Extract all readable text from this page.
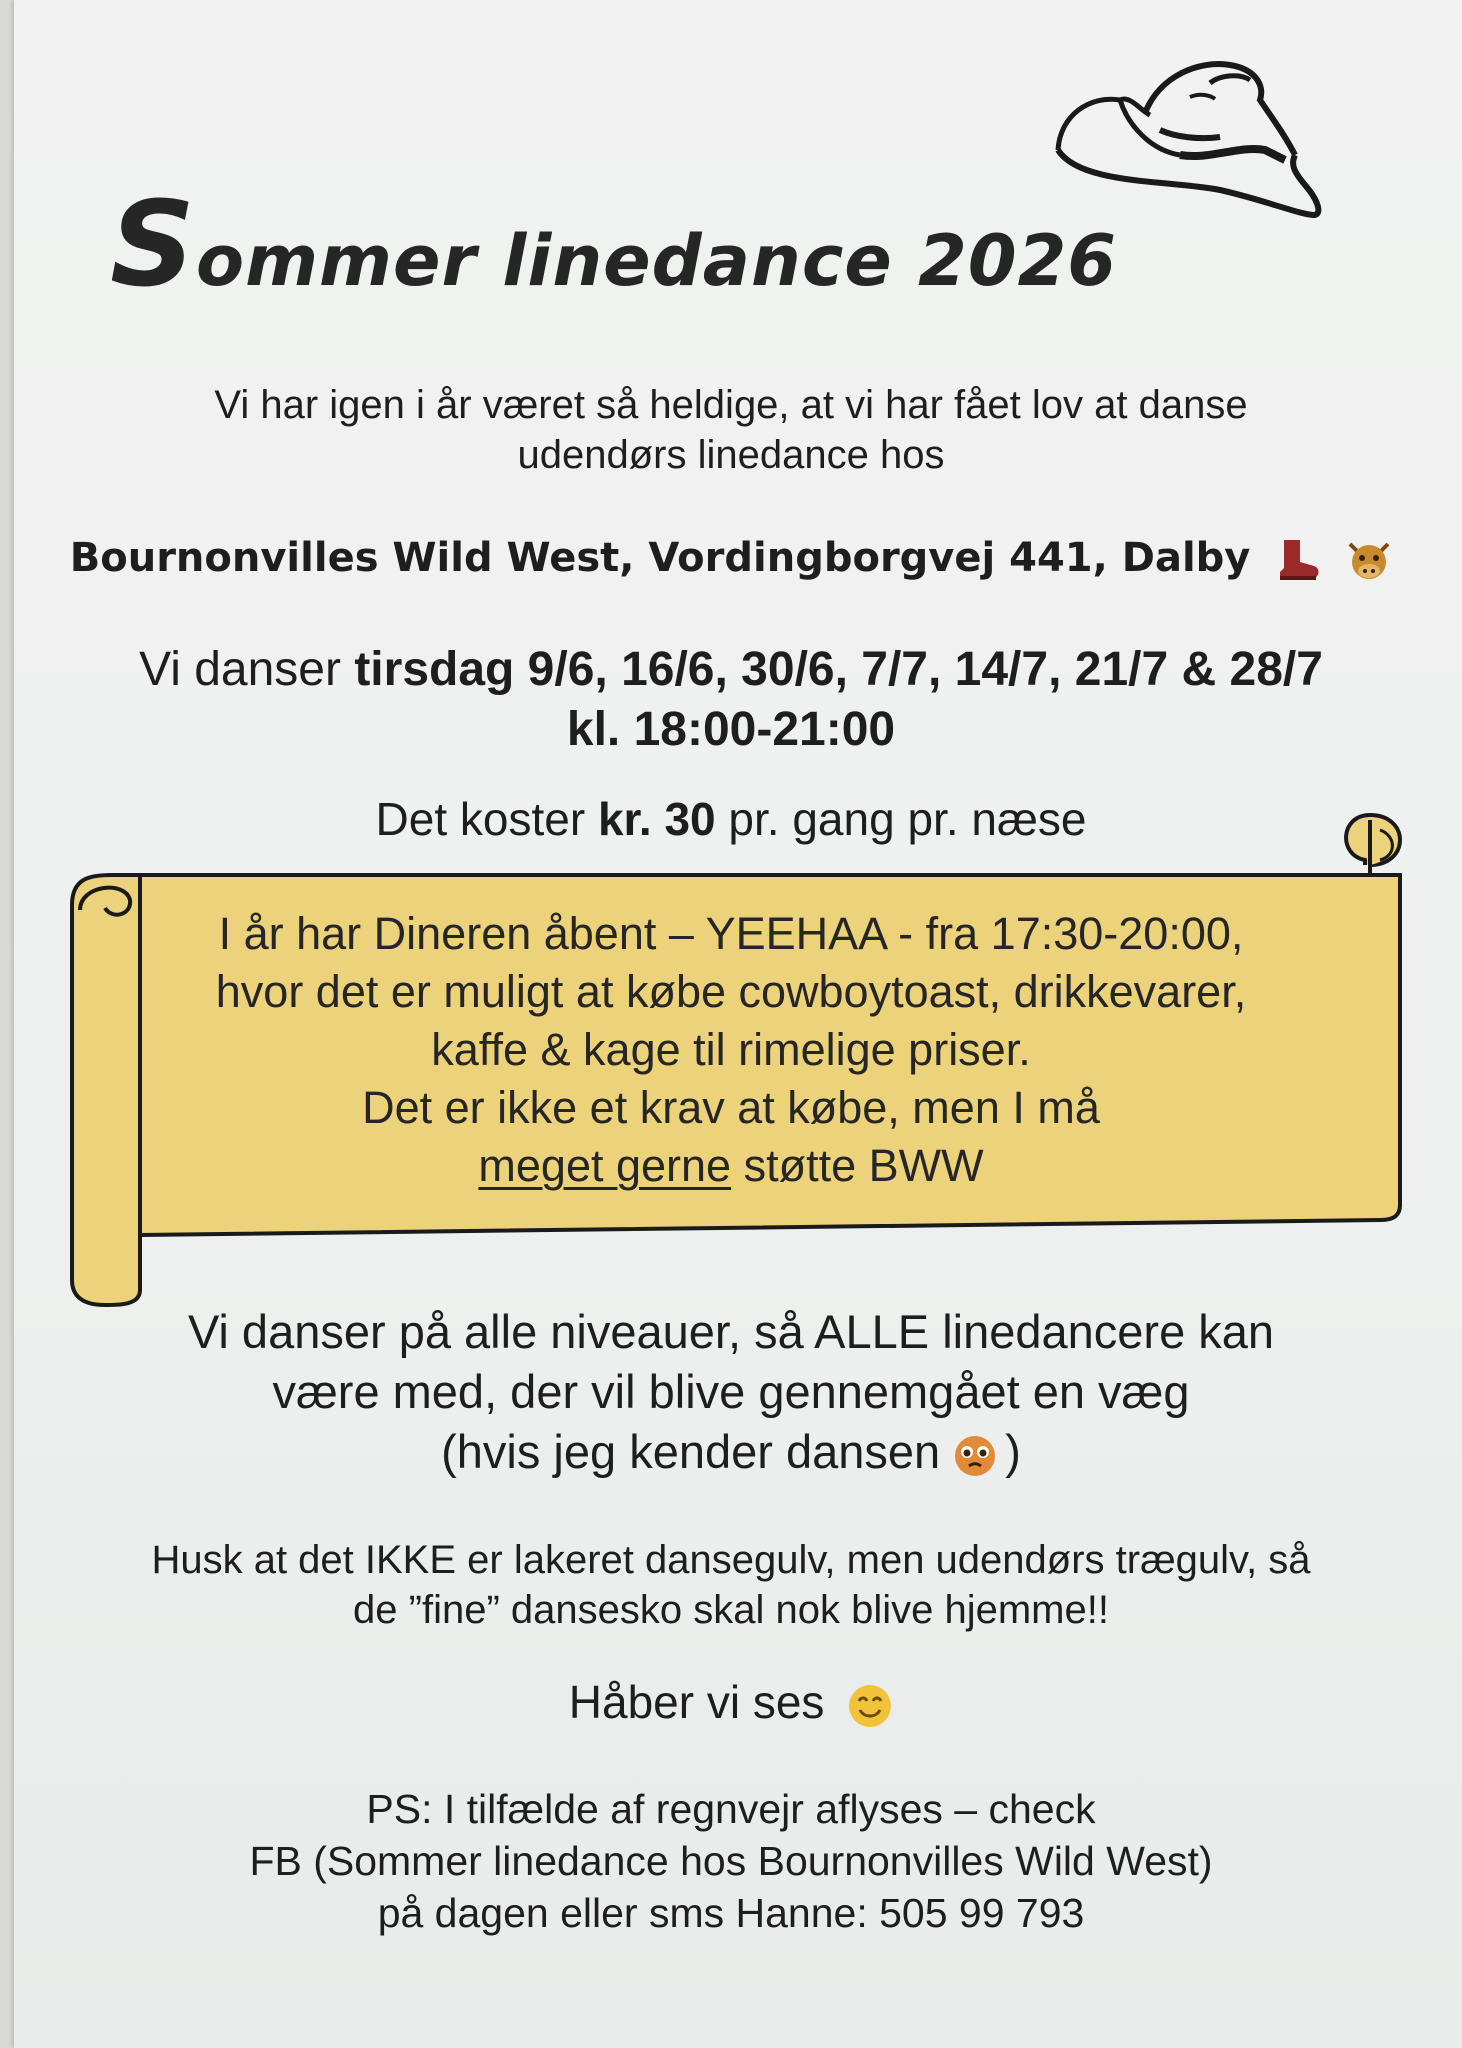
Sommer linedance 2026
Vi har igen i år været så heldige, at vi har fået lov at danse
udendørs linedance hos
Bournonvilles Wild West, Vordingborgvej 441, Dalby
Vi danser tirsdag 9/6, 16/6, 30/6, 7/7, 14/7, 21/7 & 28/7
kl. 18:00-21:00
Det koster kr. 30 pr. gang pr. næse
I år har Dineren åbent – YEEHAA - fra 17:30-20:00,
hvor det er muligt at købe cowboytoast, drikkevarer,
kaffe & kage til rimelige priser.
Det er ikke et krav at købe, men I må
meget gerne støtte BWW
Vi danser på alle niveauer, så ALLE linedancere kan
være med, der vil blive gennemgået en væg
(hvis jeg kender dansen )
Husk at det IKKE er lakeret dansegulv, men udendørs trægulv, så
de ”fine” dansesko skal nok blive hjemme!!
Håber vi ses
PS: I tilfælde af regnvejr aflyses – check
FB (Sommer linedance hos Bournonvilles Wild West)
på dagen eller sms Hanne: 505 99 793
